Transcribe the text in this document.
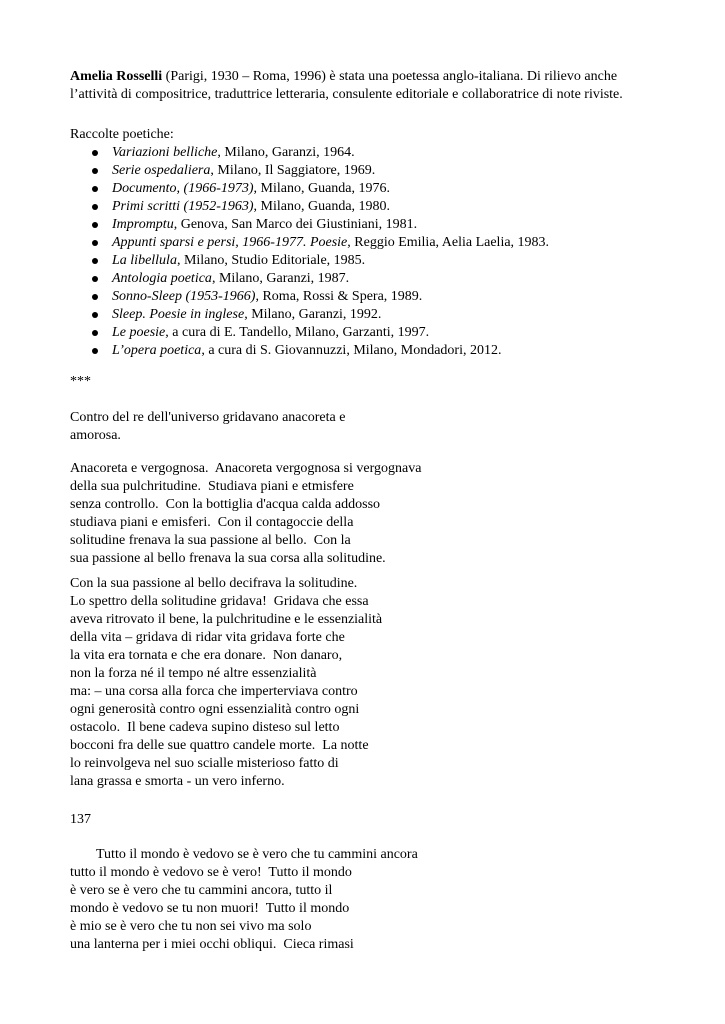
Amelia Rosselli (Parigi, 1930 – Roma, 1996) è stata una poetessa anglo-italiana. Di rilievo anche

l’attività di compositrice, traduttrice letteraria, consulente editoriale e collaboratrice di note riviste.

Raccolte poetiche:

Variazioni belliche, Milano, Garanzi, 1964.
Serie ospedaliera, Milano, Il Saggiatore, 1969.
Documento, (1966-1973), Milano, Guanda, 1976.
Primi scritti (1952-1963), Milano, Guanda, 1980.
Impromptu, Genova, San Marco dei Giustiniani, 1981.
Appunti sparsi e persi, 1966-1977. Poesie, Reggio Emilia, Aelia Laelia, 1983.
La libellula, Milano, Studio Editoriale, 1985.
Antologia poetica, Milano, Garanzi, 1987.
Sonno-Sleep (1953-1966), Roma, Rossi & Spera, 1989.
Sleep. Poesie in inglese, Milano, Garanzi, 1992.
Le poesie, a cura di E. Tandello, Milano, Garzanti, 1997.
L’opera poetica, a cura di S. Giovannuzzi, Milano, Mondadori, 2012.

***

Contro del re dell'universo gridavano anacoreta e
amorosa.
Anacoreta e vergognosa.  Anacoreta vergognosa si vergognava
della sua pulchritudine.  Studiava piani e etmisfere
senza controllo.  Con la bottiglia d'acqua calda addosso
studiava piani e emisferi.  Con il contagoccie della
solitudine frenava la sua passione al bello.  Con la
sua passione al bello frenava la sua corsa alla solitudine.
Con la sua passione al bello decifrava la solitudine.
Lo spettro della solitudine gridava!  Gridava che essa
aveva ritrovato il bene, la pulchritudine e le essenzialità
della vita – gridava di ridar vita gridava forte che
la vita era tornata e che era donare.  Non danaro,
non la forza né il tempo né altre essenzialità
ma: – una corsa alla forca che imperterviava contro
ogni generosità contro ogni essenzialità contro ogni
ostacolo.  Il bene cadeva supino disteso sul letto
bocconi fra delle sue quattro candele morte.  La notte
lo reinvolgeva nel suo scialle misterioso fatto di
lana grassa e smorta - un vero inferno.

137

Tutto il mondo è vedovo se è vero che tu cammini ancora
tutto il mondo è vedovo se è vero!  Tutto il mondo
è vero se è vero che tu cammini ancora, tutto il
mondo è vedovo se tu non muori!  Tutto il mondo
è mio se è vero che tu non sei vivo ma solo
una lanterna per i miei occhi obliqui.  Cieca rimasi
